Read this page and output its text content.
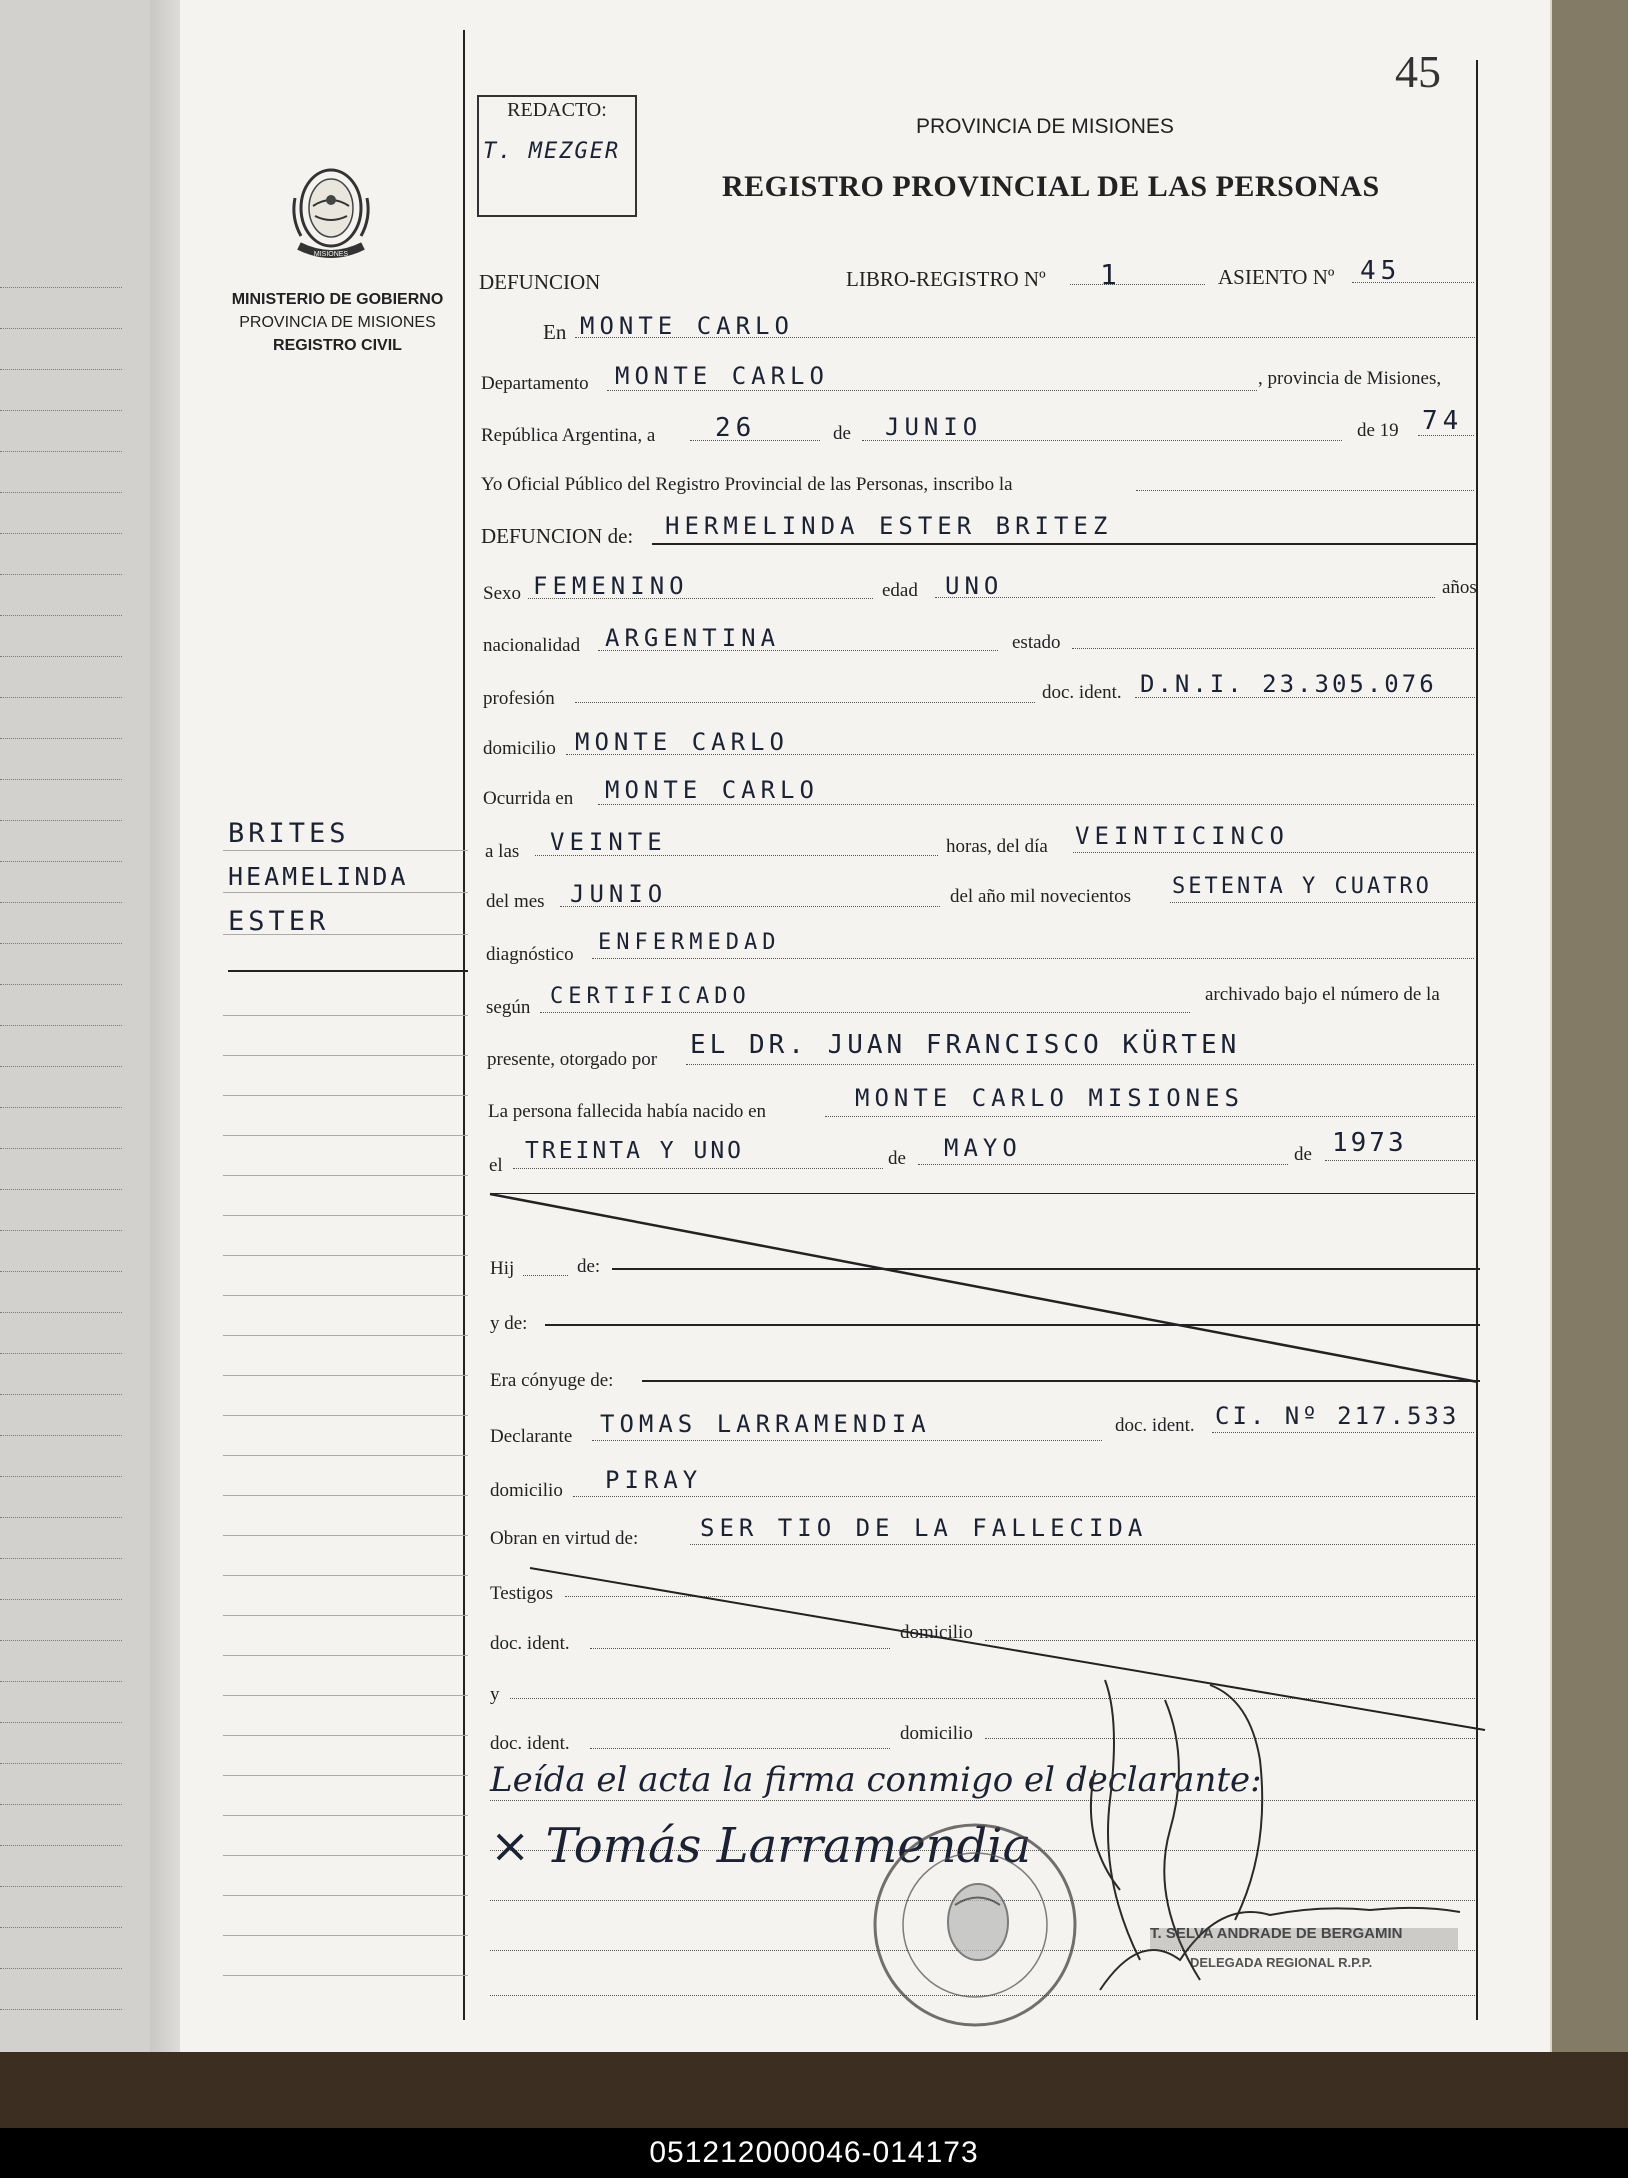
051212000046-014173
MISIONES
MINISTERIO DE GOBIERNO
PROVINCIA DE MISIONES
REGISTRO CIVIL
BRITES
HEAMELINDA
ESTER
45
REDACTO:
T. MEZGER
PROVINCIA DE MISIONES
REGISTRO PROVINCIAL DE LAS PERSONAS
DEFUNCION	LIBRO-REGISTRO Nº 1	ASIENTO Nº 45
En MONTE CARLO
Departamento MONTE CARLO	, provincia de Misiones,
República Argentina, a 26	de JUNIO	de 19 74
Yo Oficial Público del Registro Provincial de las Personas, inscribo la
DEFUNCION de: HERMELINDA ESTER BRITEZ
Sexo FEMENINO	edad UNO	años
nacionalidad ARGENTINA	estado
profesión	doc. ident. D.N.I. 23.305.076
domicilio MONTE CARLO
Ocurrida en MONTE CARLO
a las VEINTE	horas, del día VEINTICINCO
del mes JUNIO	del año mil novecientos SETENTA Y CUATRO
diagnóstico ENFERMEDAD
según CERTIFICADO	archivado bajo el número de la
presente, otorgado por EL DR. JUAN FRANCISCO KÜRTEN
La persona fallecida había nacido en	MONTE CARLO MISIONES
el
TREINTA Y UNO	de MAYO	de 1973
Hij	de:
y de:
Era cónyuge de:
Declarante TOMAS LARRAMENDIA	doc. ident. CI. Nº 217.533
domicilio PIRAY
Obran en virtud de:	SER TIO DE LA FALLECIDA
Testigos
doc. ident.
domicilio
y
doc. ident.	domicilio
Leída el acta la firma conmigo el declarante:
× Tomás Larramendia
T. SELVA ANDRADE DE BERGAMIN
DELEGADA REGIONAL R.P.P.
